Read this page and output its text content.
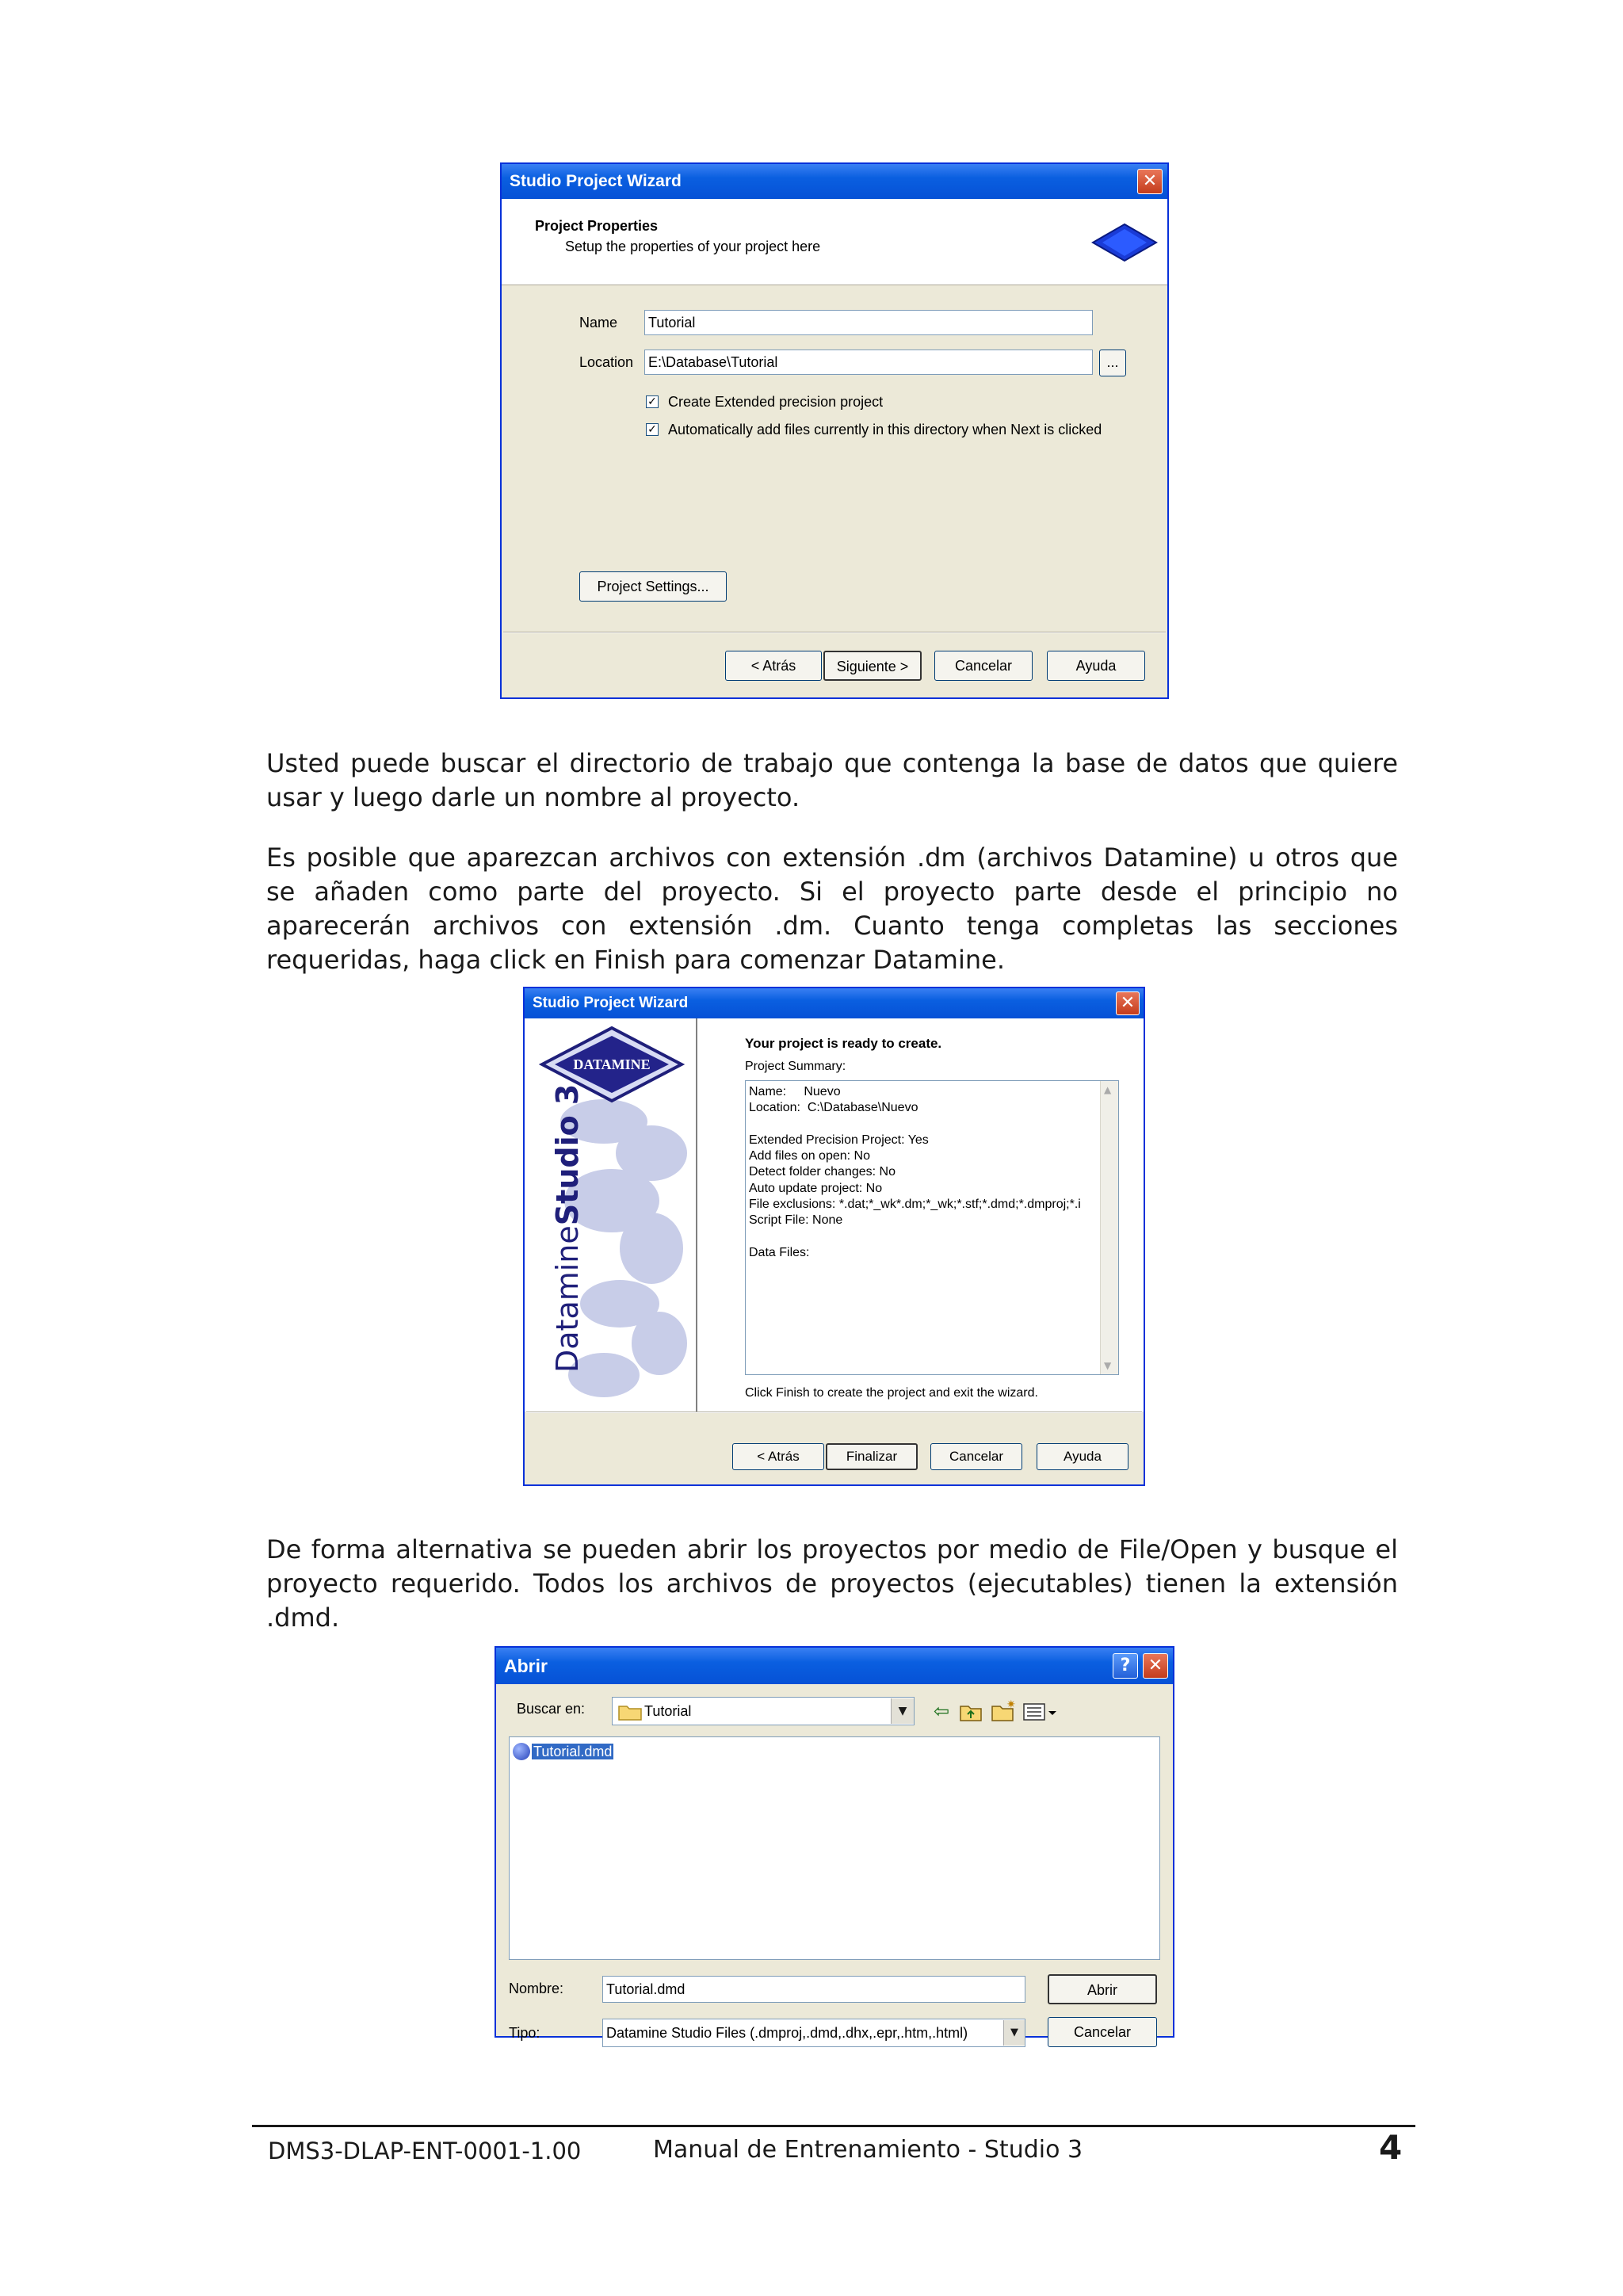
Studio Project Wizard	✕
Project Properties
Setup the properties of your project here
Name Tutorial
Location E:\Database\Tutorial	...
✓ Create Extended precision project
✓ Automatically add files currently in this directory when Next is clicked
Project Settings...
< Atrás	Siguiente >	Cancelar	Ayuda
Usted puede buscar el directorio de trabajo que contenga la base de datos que quiere usar y luego darle un nombre al proyecto.
Es posible que aparezcan archivos con extensión .dm (archivos Datamine) u otros que se añaden como parte del proyecto. Si el proyecto parte desde el principio no aparecerán archivos con extensión .dm. Cuanto tenga completas las secciones requeridas, haga click en Finish para comenzar Datamine.
Studio Project Wizard	✕
DATAMINE
DatamineStudio 3
Your project is ready to create.
Project Summary:
Name:     Nuevo
Location:  C:\Database\Nuevo

Extended Precision Project: Yes
Add files on open: No
Detect folder changes: No
Auto update project: No
File exclusions: *.dat;*_wk*.dm;*_wk;*.stf;*.dmd;*.dmproj;*.i
Script File: None

Data Files:
▲
▼
Click Finish to create the project and exit the wizard.
< Atrás	Finalizar	Cancelar	Ayuda
De forma alternativa se pueden abrir los proyectos por medio de File/Open y busque el proyecto requerido. Todos los archivos de proyectos (ejecutables) tienen la extensión .dmd.
Abrir	?	✕
Buscar en:	Tutorial	▼	⇦	✷
Tutorial.dmd
Nombre:	Tutorial.dmd	Abrir
Tipo:	Datamine Studio Files (.dmproj,.dmd,.dhx,.epr,.htm,.html)	▼	Cancelar
DMS3-DLAP-ENT-0001-1.00	Manual de Entrenamiento - Studio 3	4
